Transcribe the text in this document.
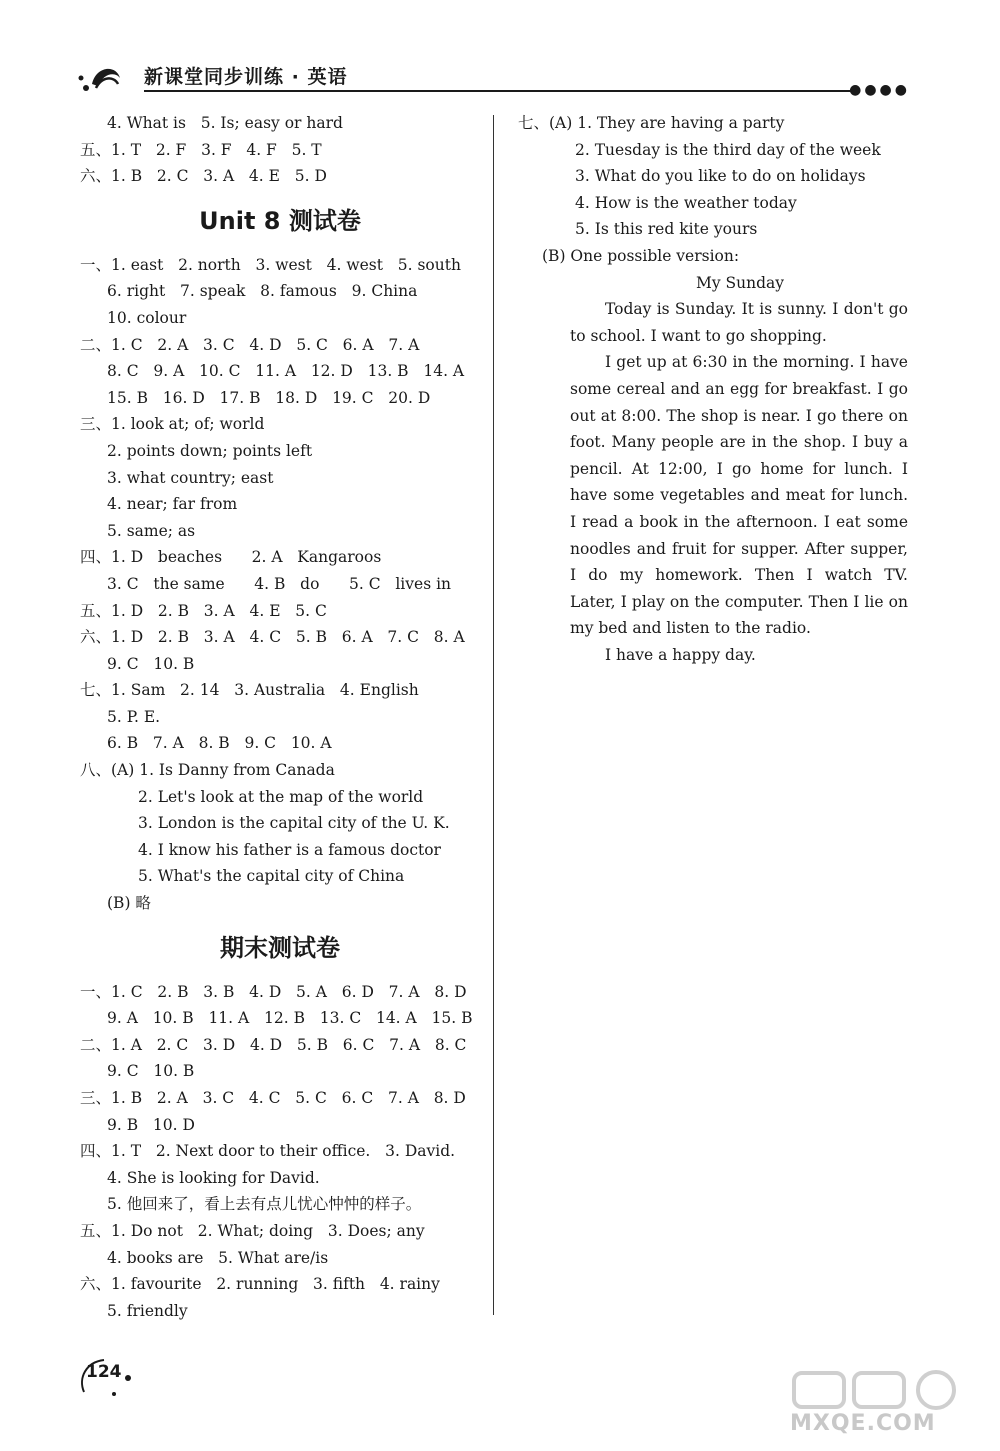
新课堂同步训练 · 英语
●●●●
4. What is   5. Is; easy or hard
五、1. T   2. F   3. F   4. F   5. T
六、1. B   2. C   3. A   4. E   5. D
Unit 8 测试卷
一、1. east   2. north   3. west   4. west   5. south
6. right   7. speak   8. famous   9. China
10. colour
二、1. C   2. A   3. C   4. D   5. C   6. A   7. A
8. C   9. A   10. C   11. A   12. D   13. B   14. A
15. B   16. D   17. B   18. D   19. C   20. D
三、1. look at; of; world
2. points down; points left
3. what country; east
4. near; far from
5. same; as
四、1. D   beaches      2. A   Kangaroos
3. C   the same      4. B   do      5. C   lives in
五、1. D   2. B   3. A   4. E   5. C
六、1. D   2. B   3. A   4. C   5. B   6. A   7. C   8. A
9. C   10. B
七、1. Sam   2. 14   3. Australia   4. English
5. P. E.
6. B   7. A   8. B   9. C   10. A
八、(A) 1. Is Danny from Canada
2. Let's look at the map of the world
3. London is the capital city of the U. K.
4. I know his father is a famous doctor
5. What's the capital city of China
(B) 略
期末测试卷
一、1. C   2. B   3. B   4. D   5. A   6. D   7. A   8. D
9. A   10. B   11. A   12. B   13. C   14. A   15. B
二、1. A   2. C   3. D   4. D   5. B   6. C   7. A   8. C
9. C   10. B
三、1. B   2. A   3. C   4. C   5. C   6. C   7. A   8. D
9. B   10. D
四、1. T   2. Next door to their office.   3. David.
4. She is looking for David.
5. 他回来了，看上去有点儿忧心忡忡的样子。
五、1. Do not   2. What; doing   3. Does; any
4. books are   5. What are/is
六、1. favourite   2. running   3. fifth   4. rainy
5. friendly
七、(A) 1. They are having a party
2. Tuesday is the third day of the week
3. What do you like to do on holidays
4. How is the weather today
5. Is this red kite yours
(B) One possible version:
My Sunday
Today is Sunday. It is sunny. I don't go to school. I want to go shopping.
I get up at 6:30 in the morning. I have some cereal and an egg for breakfast. I go out at 8:00. The shop is near. I go there on foot. Many people are in the shop. I buy a pencil. At 12:00, I go home for lunch. I have some vegetables and meat for lunch. I read a book in the afternoon. I eat some noodles and fruit for supper. After supper, I do my homework. Then I watch TV. Later, I play on the computer. Then I lie on my bed and listen to the radio.
I have a happy day.
124
MXQE.COM
